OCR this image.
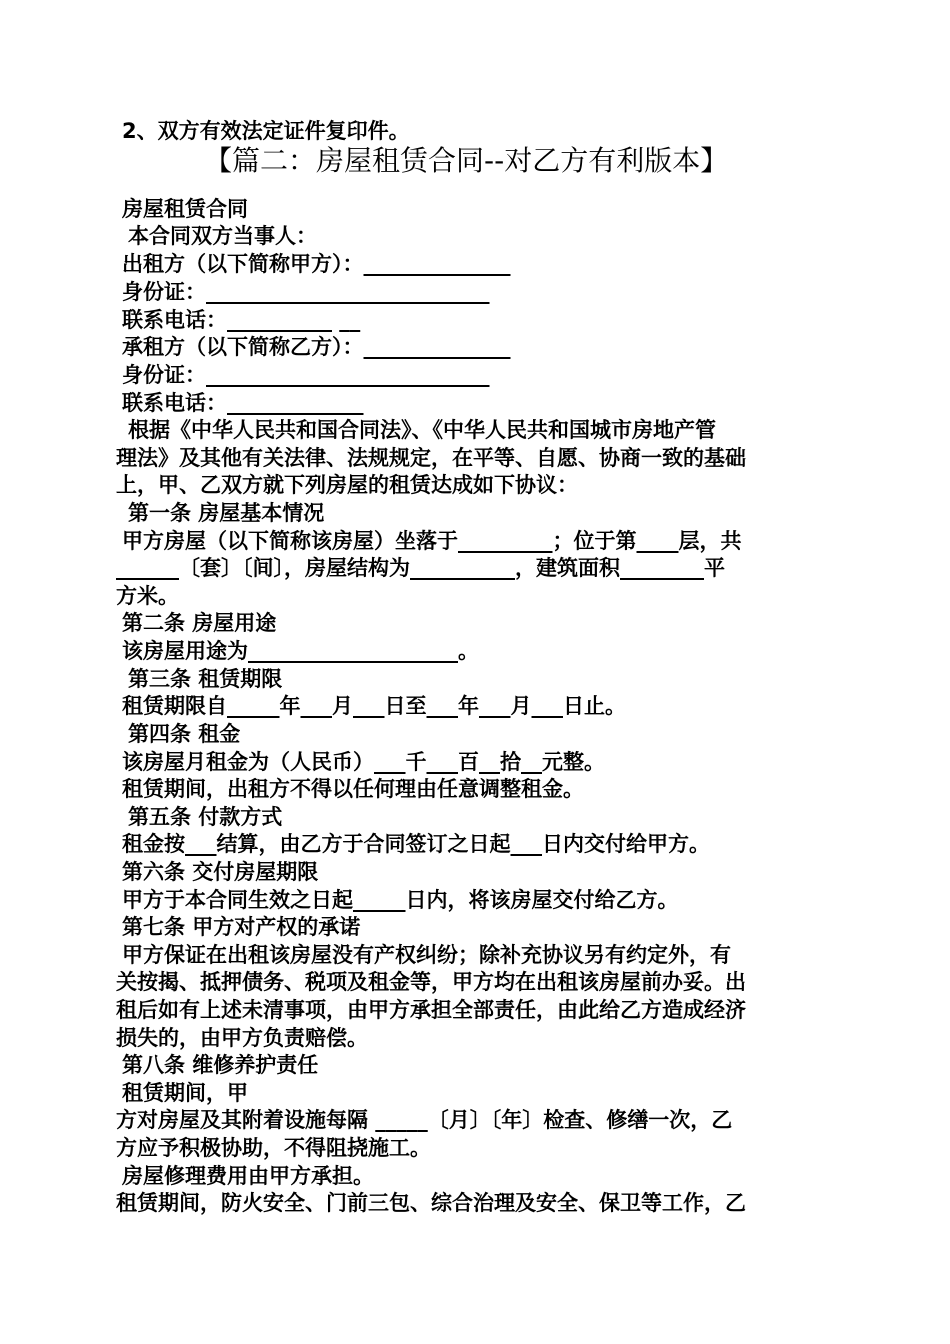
2、双方有效法定证件复印件。
【篇二：房屋租赁合同--对乙方有利版本】
房屋租赁合同
本合同双方当事人：
出租方（以下简称甲方）：______________
身份证：___________________________
联系电话：__________ __
承租方（以下简称乙方）：______________
身份证：___________________________
联系电话：_____________
根据《中华人民共和国合同法》、《中华人民共和国城市房地产管
理法》及其他有关法律、法规规定，在平等、自愿、协商一致的基础
上，甲、乙双方就下列房屋的租赁达成如下协议：
第一条 房屋基本情况
甲方房屋（以下简称该房屋）坐落于_________；位于第____层，共
______〔套〕〔间〕，房屋结构为__________，建筑面积________平
方米。
第二条 房屋用途
该房屋用途为____________________。
第三条 租赁期限
租赁期限自_____年___月___日至___年___月___日止。
第四条 租金
该房屋月租金为（人民币）___千___百__拾__元整。
租赁期间，出租方不得以任何理由任意调整租金。
第五条 付款方式
租金按___结算，由乙方于合同签订之日起___日内交付给甲方。
第六条 交付房屋期限
甲方于本合同生效之日起_____日内，将该房屋交付给乙方。
第七条 甲方对产权的承诺
甲方保证在出租该房屋没有产权纠纷；除补充协议另有约定外，有
关按揭、抵押债务、税项及租金等，甲方均在出租该房屋前办妥。出
租后如有上述未清事项，由甲方承担全部责任，由此给乙方造成经济
损失的，由甲方负责赔偿。
第八条 维修养护责任
租赁期间，甲
方对房屋及其附着设施每隔 _____〔月〕〔年〕检查、修缮一次，乙
方应予积极协助，不得阻挠施工。
房屋修理费用由甲方承担。
租赁期间，防火安全、门前三包、综合治理及安全、保卫等工作，乙
